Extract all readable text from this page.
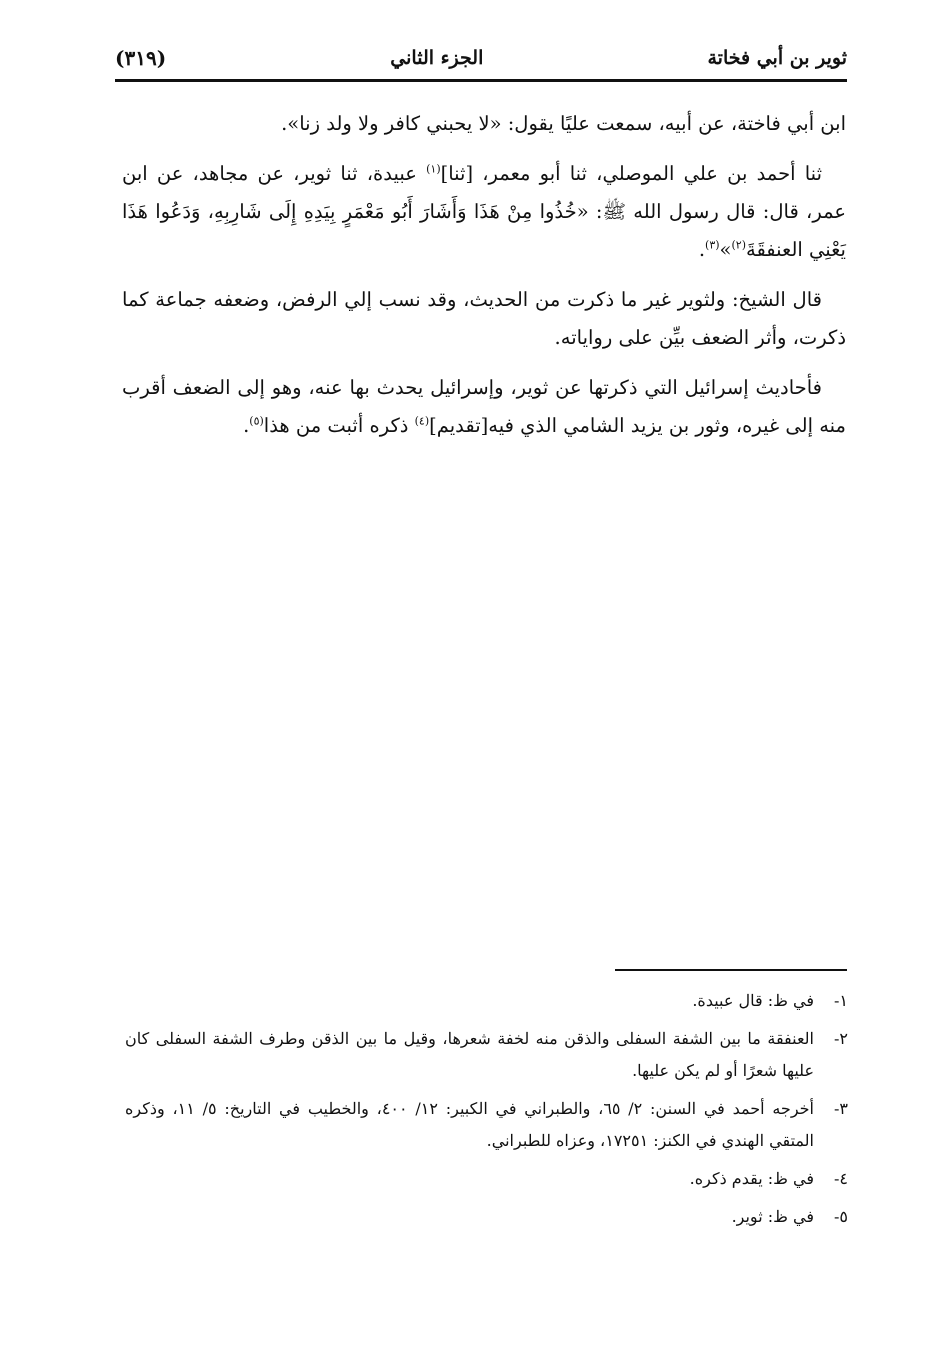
ثوير بن أبي فخاتة
الجزء الثاني
(٣١٩)

ابن أبي فاختة، عن أبيه، سمعت عليًا يقول: «لا يحبني كافر ولا ولد زنا».

ثنا أحمد بن علي الموصلي، ثنا أبو معمر، [ثنا]$^{(١)}$ عبيدة، ثنا ثوير، عن مجاهد، عن ابن عمر، قال: قال رسول الله ﷺ: «خُذُوا مِنْ هَذَا وَأَشَارَ أَبُو مَعْمَرٍ بِيَدِهِ إِلَى شَارِبِهِ، وَدَعُوا هَذَا يَعْنِي العنفقَةَ$^{(٢)}$»$^{(٣)}$.

قال الشيخ: ولثوير غير ما ذكرت من الحديث، وقد نسب إلي الرفض، وضعفه جماعة كما ذكرت، وأثر الضعف بيِّن على رواياته.

فأحاديث إسرائيل التي ذكرتها عن ثوير، وإسرائيل يحدث بها عنه، وهو إلى الضعف أقرب منه إلى غيره، وثور بن يزيد الشامي الذي فيه[تقديم]$^{(٤)}$ ذكره أثبت من هذا$^{(٥)}$.

١-
في ظ: قال عبيدة.
٢-
العنفقة ما بين الشفة السفلى والذقن منه لخفة شعرها، وقيل ما بين الذقن وطرف الشفة السفلى كان عليها شعرًا أو لم يكن عليها.
٣-
أخرجه أحمد في السنن: ٢/ ٦٥، والطبراني في الكبير: ١٢/ ٤٠٠، والخطيب في التاريخ: ٥/ ١١، وذكره المتقي الهندي في الكنز: ١٧٢٥١، وعزاه للطبراني.
٤-
في ظ: يقدم ذكره.
٥-
في ظ: ثوير.
